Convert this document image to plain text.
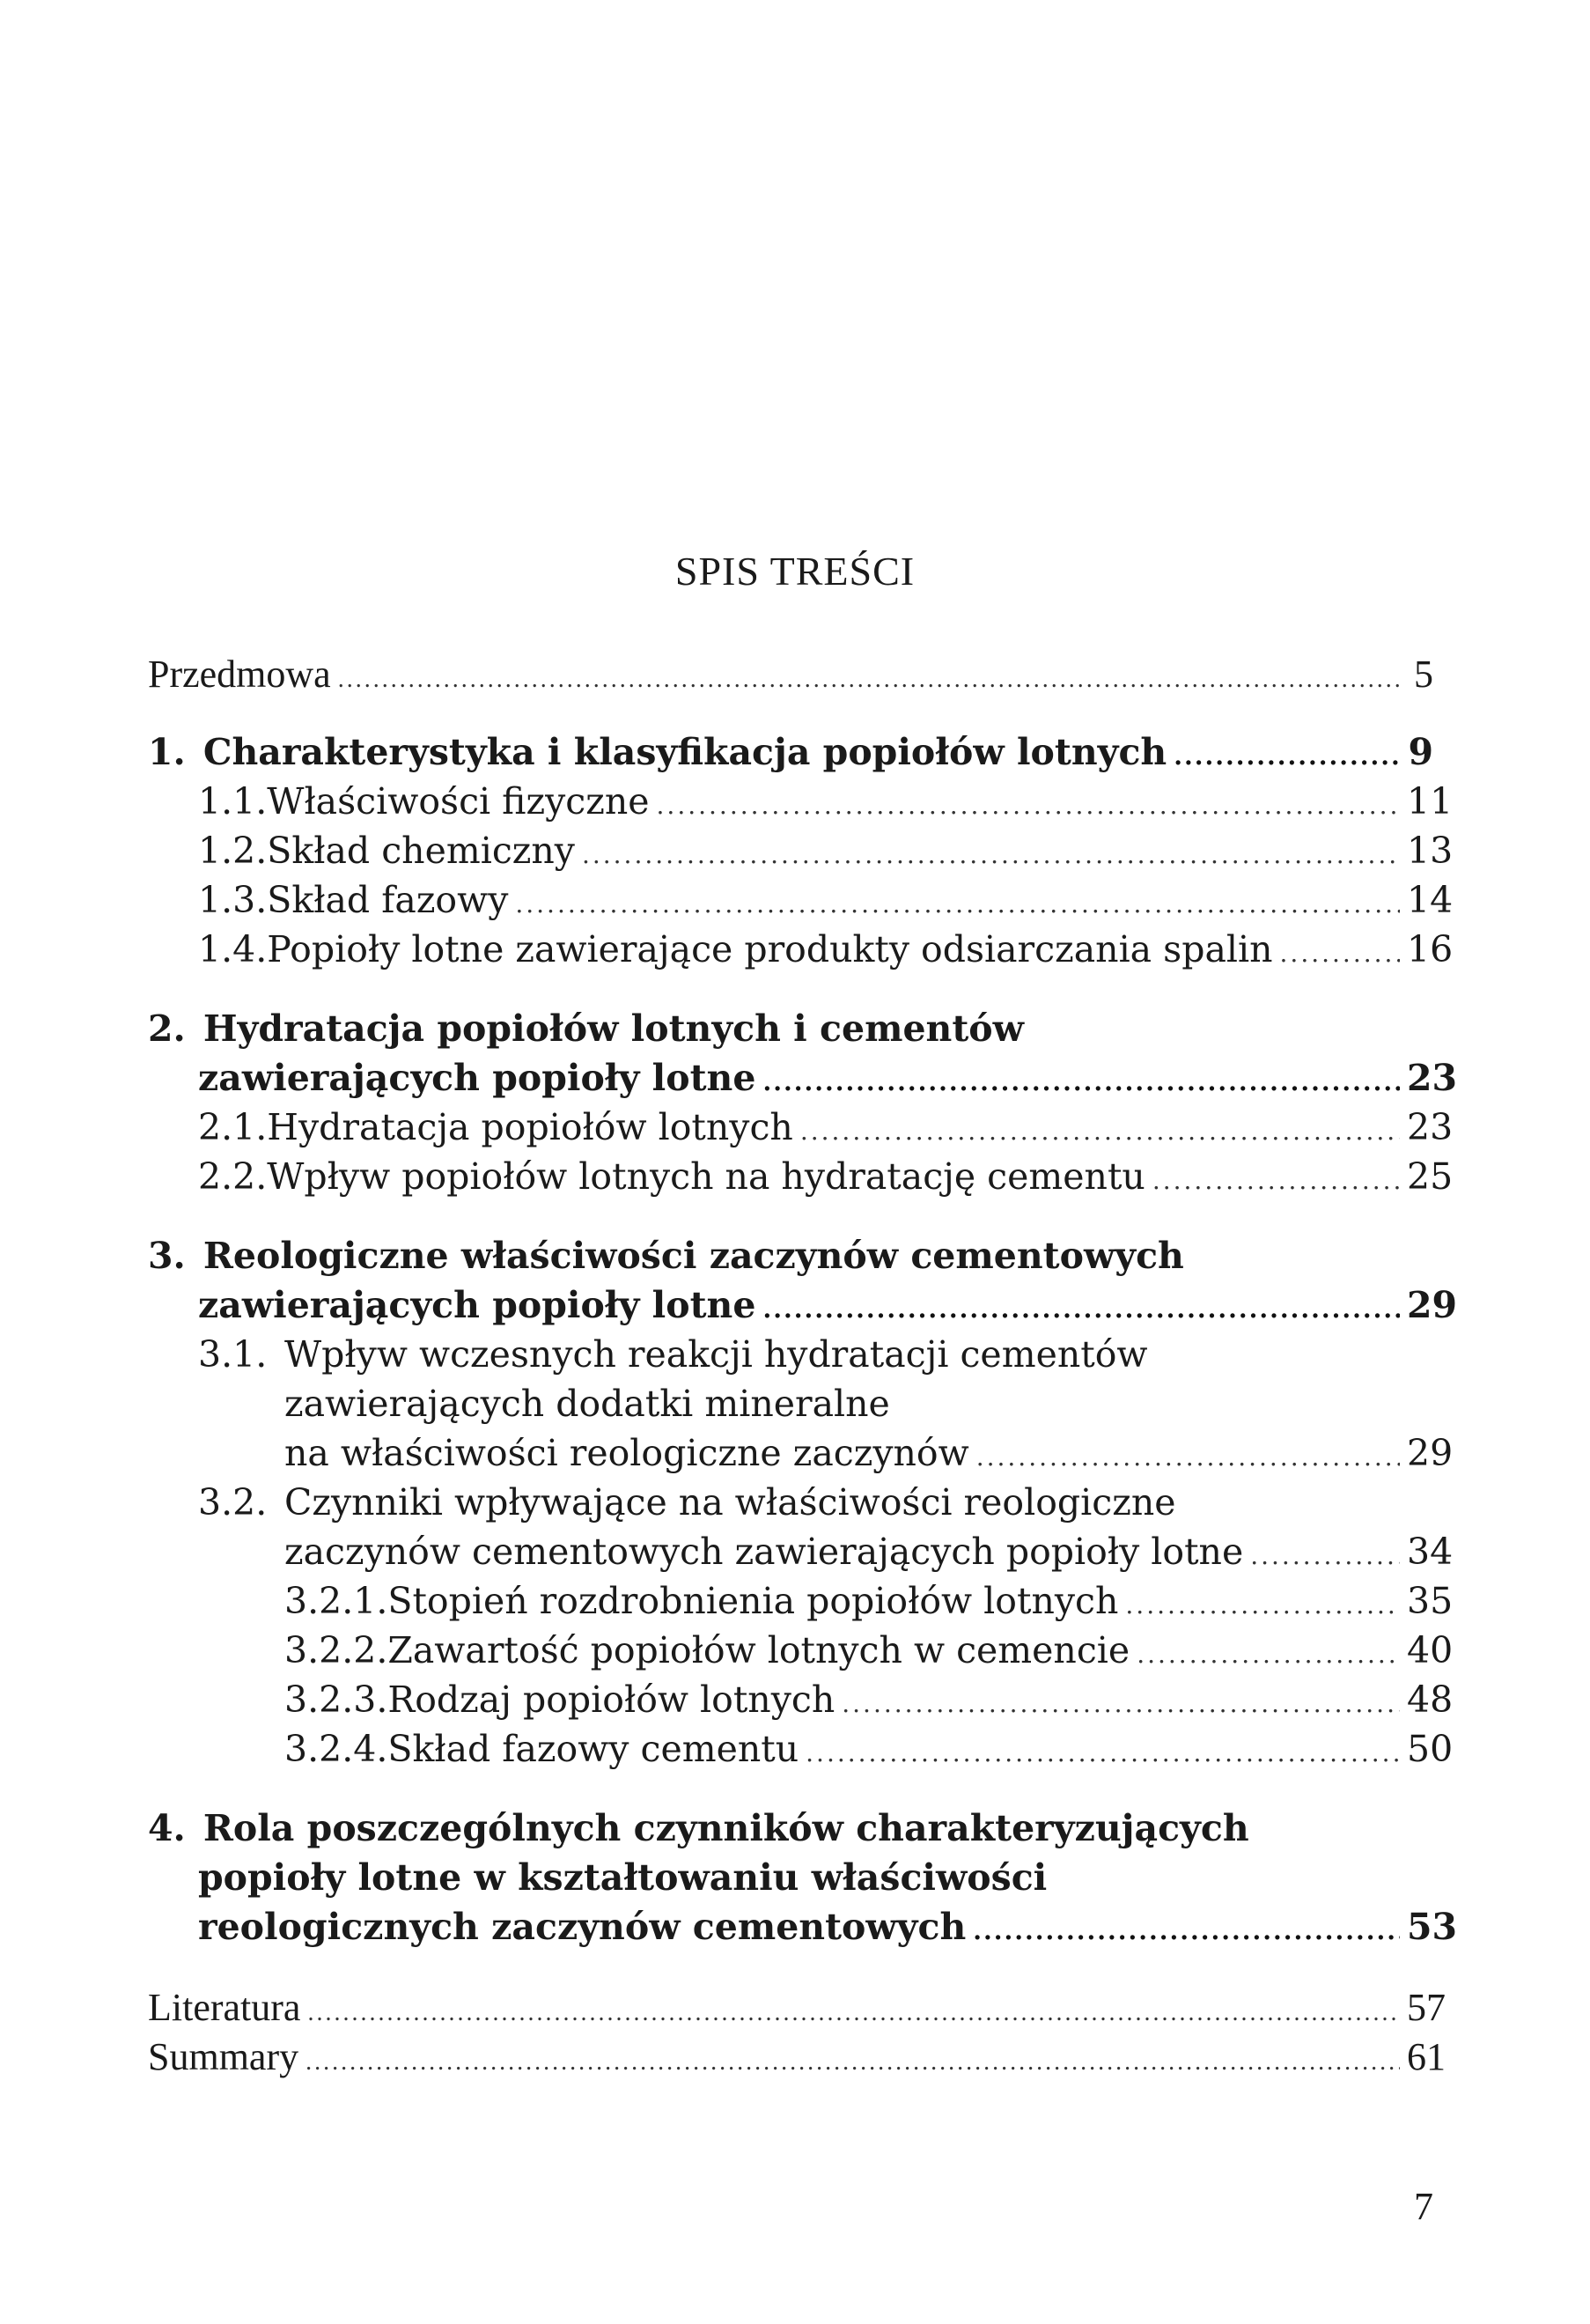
SPIS TREŚCI
Przedmowa .....	5
1. Charakterystyka i klasyfikacja popiołów lotnych .....	9
1.1. Właściwości fizyczne .....	11
1.2. Skład chemiczny .....	13
1.3. Skład fazowy .....	14
1.4. Popioły lotne zawierające produkty odsiarczania spalin .....	16
2. Hydratacja popiołów lotnych i cementów
zawierających popioły lotne .....	23
2.1. Hydratacja popiołów lotnych .....	23
2.2. Wpływ popiołów lotnych na hydratację cementu .....	25
3. Reologiczne właściwości zaczynów cementowych
zawierających popioły lotne .....	29
3.1. Wpływ wczesnych reakcji hydratacji cementów
zawierających dodatki mineralne
na właściwości reologiczne zaczynów .....	29
3.2. Czynniki wpływające na właściwości reologiczne
zaczynów cementowych zawierających popioły lotne .....	34
3.2.1. Stopień rozdrobnienia popiołów lotnych .....	35
3.2.2. Zawartość popiołów lotnych w cemencie .....	40
3.2.3. Rodzaj popiołów lotnych .....	48
3.2.4. Skład fazowy cementu .....	50
4. Rola poszczególnych czynników charakteryzujących
popioły lotne w kształtowaniu właściwości
reologicznych zaczynów cementowych .....	53
Literatura .....	57
Summary .....	61
7
